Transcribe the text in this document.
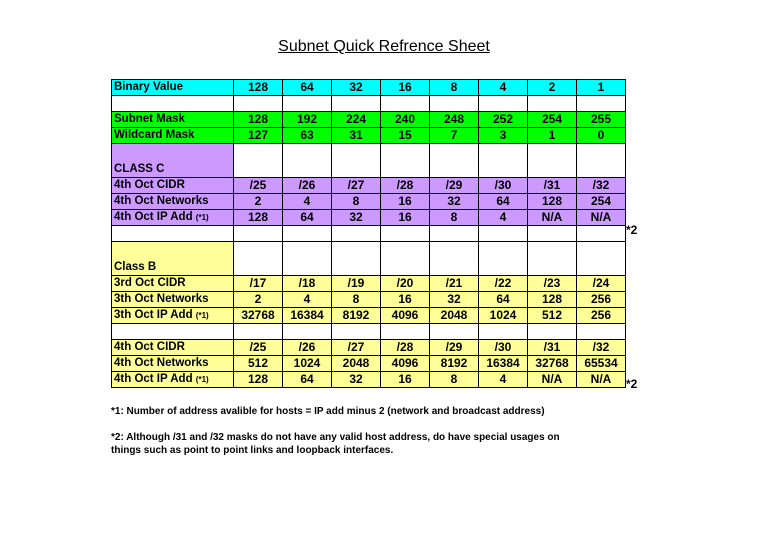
Subnet Quick Refrence Sheet
Binary Value	128	64	32	16	8	4	2	1

Subnet Mask	128	192	224	240	248	252	254	255
Wildcard Mask	127	63	31	15	7	3	1	0
CLASS C								
4th Oct CIDR	/25	/26	/27	/28	/29	/30	/31	/32
4th Oct Networks	2	4	8	16	32	64	128	254
4th Oct IP Add (*1)	128	64	32	16	8	4	N/A	N/A

Class B								
3rd Oct CIDR	/17	/18	/19	/20	/21	/22	/23	/24
3th Oct Networks	2	4	8	16	32	64	128	256
3th Oct IP Add (*1)	32768	16384	8192	4096	2048	1024	512	256

4th Oct CIDR	/25	/26	/27	/28	/29	/30	/31	/32
4th Oct Networks	512	1024	2048	4096	8192	16384	32768	65534
4th Oct IP Add (*1)	128	64	32	16	8	4	N/A	N/A
*2
*2
*1: Number of address avalible for hosts = IP add minus 2 (network and broadcast address)
*2: Although /31 and /32 masks do not have any valid host address, do have special usages on
things such as point to point links and loopback interfaces.
